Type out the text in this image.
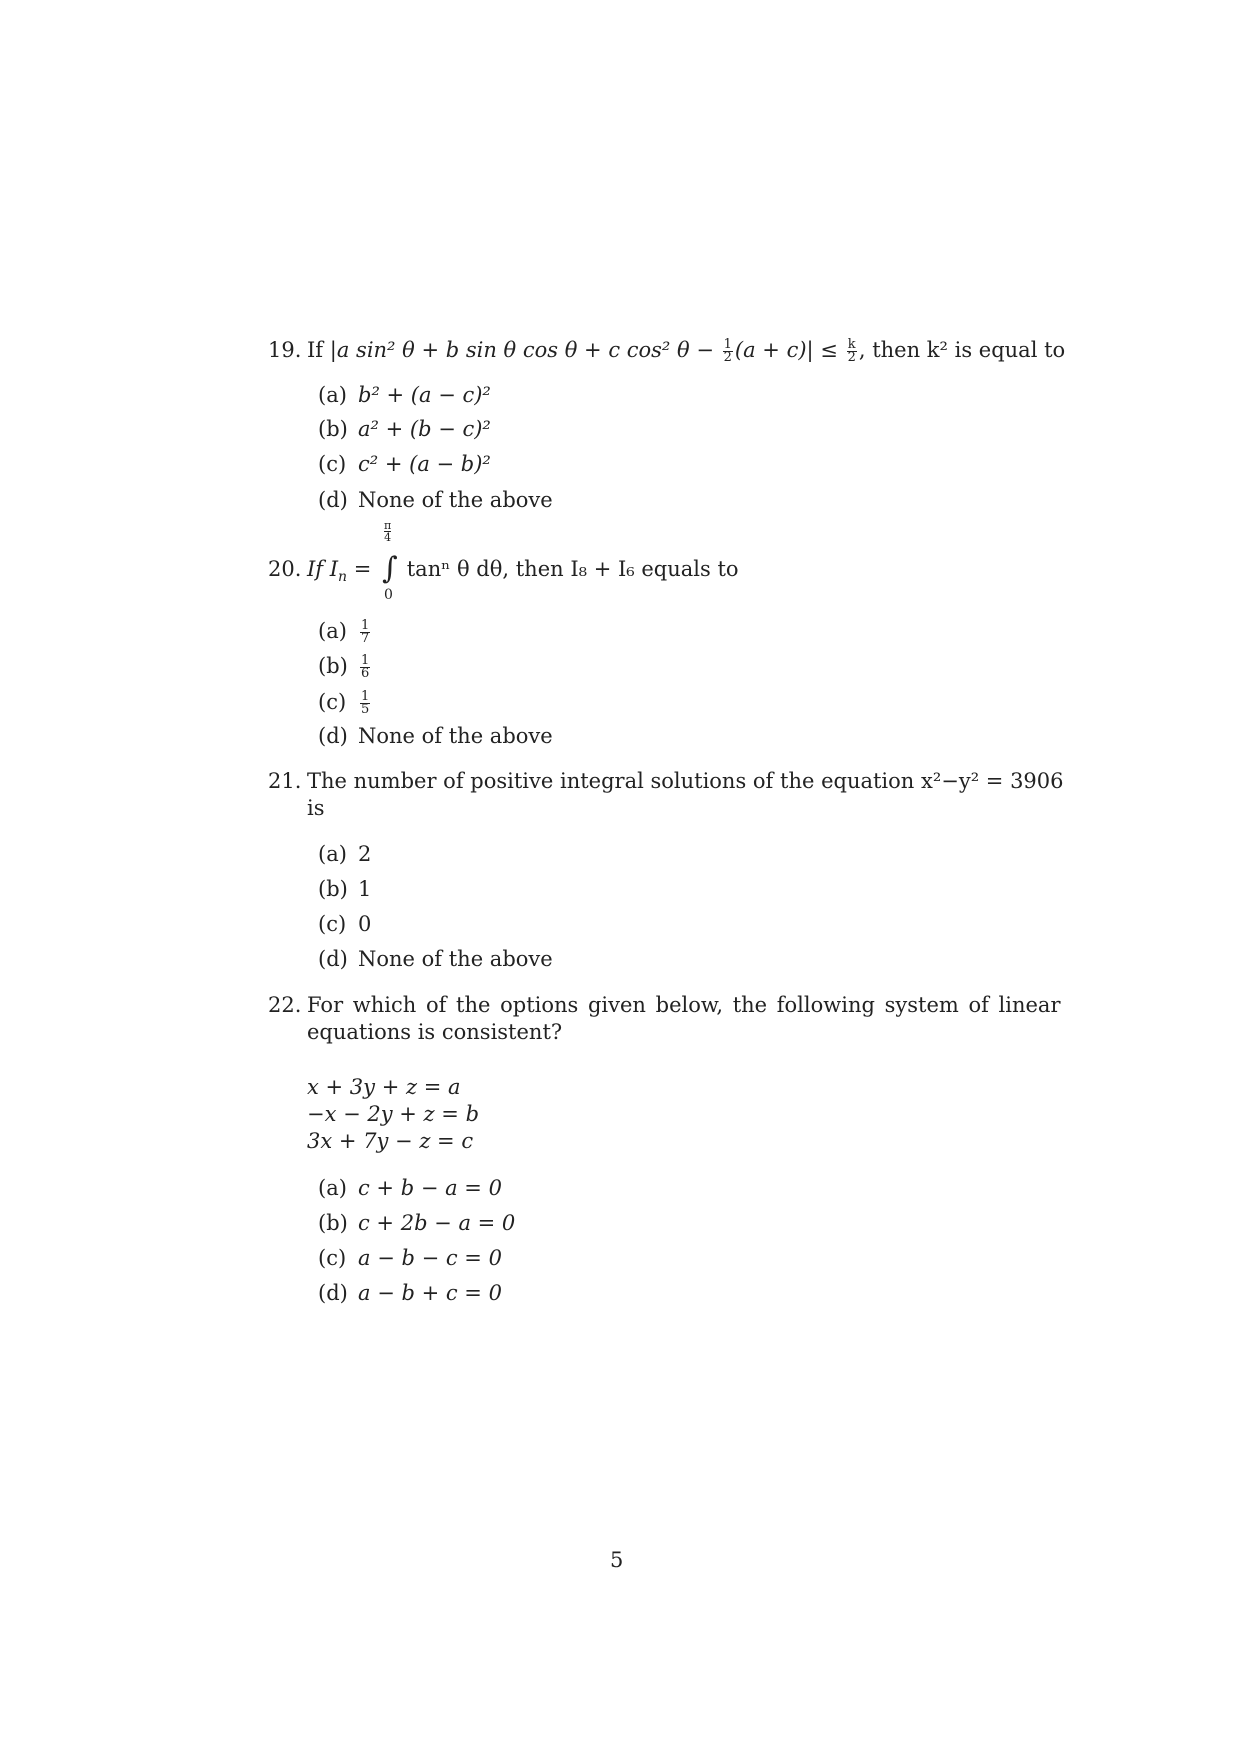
19. If |a sin² θ + b sin θ cos θ + c cos² $\theta - \frac{1}{2} (a + c)| \le \frac{k}{2}$ , then k² is equal to
(a) b² + (a − c)²
(b) a² + (b − c)²
(c) c² + (a − b)²
(d) None of the above
20. If $I_n$ =
$\frac{\pi}{4}$
∫
0
tanⁿ θ dθ, then I₈ + I₆ equals to
$(a) \frac{1}{7}$
$(b) \frac{1}{6}$
$(c) \frac{1}{5}$
(d) None of the above
21. The number of positive integral solutions of the equation x²−y² = 3906
is
(a) 2
(b) 1
(c) 0
(d) None of the above
22. For which of the options given below, the following system of linear
equations is consistent?
x + 3y + z = a
−x − 2y + z = b
3x + 7y − z = c
(a) c + b − a = 0
(b) c + 2b − a = 0
(c) a − b − c = 0
(d) a − b + c = 0
5
